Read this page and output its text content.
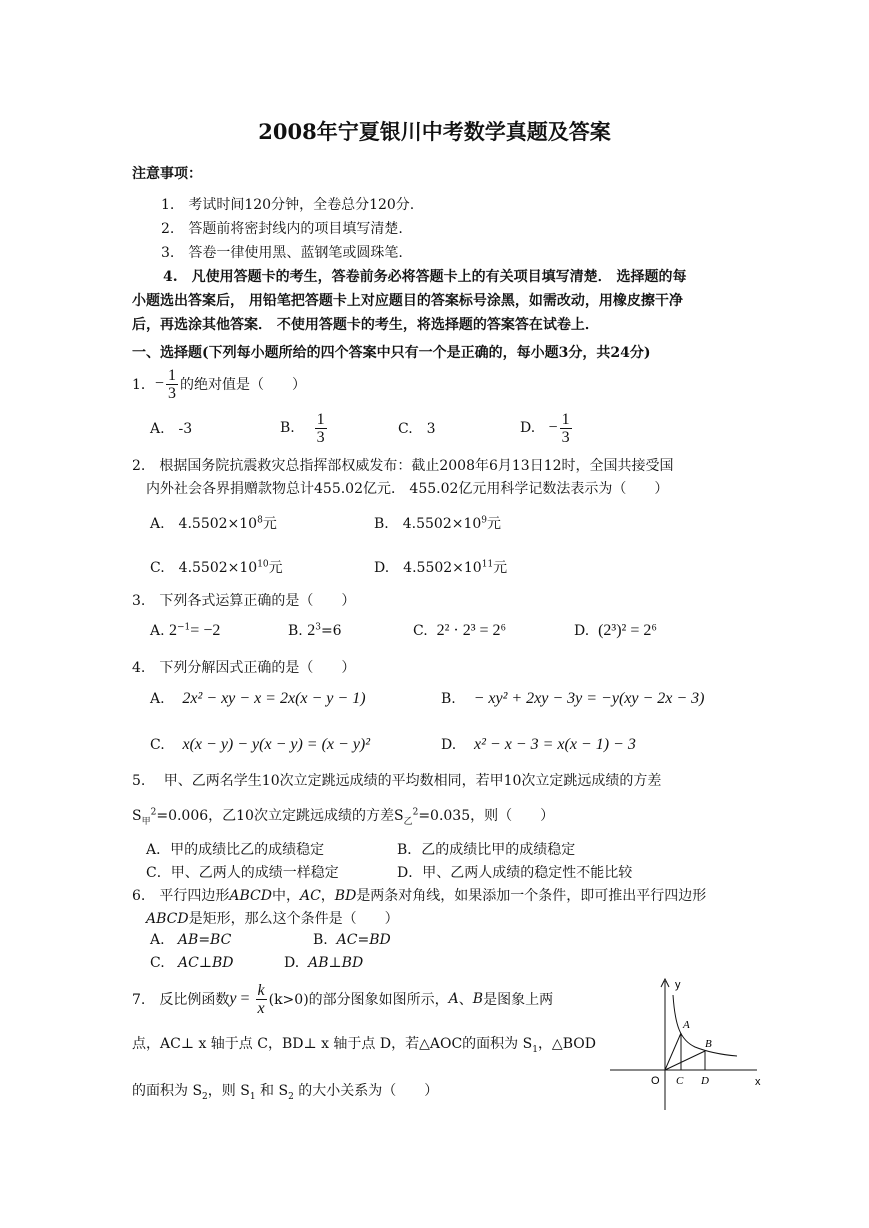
2008年宁夏银川中考数学真题及答案
注意事项：
1.　考试时间120分钟，全卷总分120分.
2.　答题前将密封线内的项目填写清楚.
3.　答卷一律使用黑、蓝钢笔或圆珠笔.
4.　凡使用答题卡的考生，答卷前务必将答题卡上的有关项目填写清楚． 选择题的每
小题选出答案后， 用铅笔把答题卡上对应题目的答案标号涂黑，如需改动，用橡皮擦干净
后，再选涂其他答案． 不使用答题卡的考生，将选择题的答案答在试卷上．
一、选择题(下列每小题所给的四个答案中只有一个是正确的，每小题3分，共24分)
1． − $\frac{1}{3}$ 的绝对值是（　　）
A.　-3	B.
$\frac{1}{3}$	C.　3	D.
− $\frac{1}{3}$
2.　根据国务院抗震救灾总指挥部权威发布：截止2008年6月13日12时，全国共接受国
内外社会各界捐赠款物总计455.02亿元． 455.02亿元用科学记数法表示为（　　）
A.　$4.5502\times 10^8$元	B.　$4.5502\times 10^9$元
C.　$4.5502\times 10^{10}$元	D.　$4.5502\times 10^{11}$元
3.　下列各式运算正确的是（　　）
A. $2^{-1}= -2$	B. $2^3=6$	C. 2² · 2³ = 2⁶	D. (2³)² = 2⁶
4.　下列分解因式正确的是（　　）
A. 2x² − xy − x = 2x(x − y − 1)	B. − xy² + 2xy − 3y = −y(xy − 2x − 3)
C. x(x − y) − y(x − y) = (x − y)²	D. x² − x − 3 = x(x − 1) − 3
5.　 甲、乙两名学生10次立定跳远成绩的平均数相同，若甲10次立定跳远成绩的方差
$S_甲^2=0.006$，乙10次立定跳远成绩的方差$S_乙^2=0.035$，则（　　）
A．甲的成绩比乙的成绩稳定	B．乙的成绩比甲的成绩稳定
C．甲、乙两人的成绩一样稳定	D．甲、乙两人成绩的稳定性不能比较
6.　平行四边形ABCD中，AC，BD是两条对角线，如果添加一个条件，即可推出平行四边形
ABCD是矩形，那么这个条件是（　　）
A. AB=BC	B. AC=BD
C. AC⊥BD	D. AB⊥BD
7.　反比例函数 $y = \frac{k}{x} (k>0)$的部分图象如图所示， A 、 B 是图象上两
点，AC⊥ x 轴于点 C，BD⊥ x 轴于点 D，若△AOC的面积为 $S_1$，△BOD
的面积为 $S_2$，则 $S_1$ 和 $S_2$ 的大小关系为（　　）
y
x
O
A
B
C D
